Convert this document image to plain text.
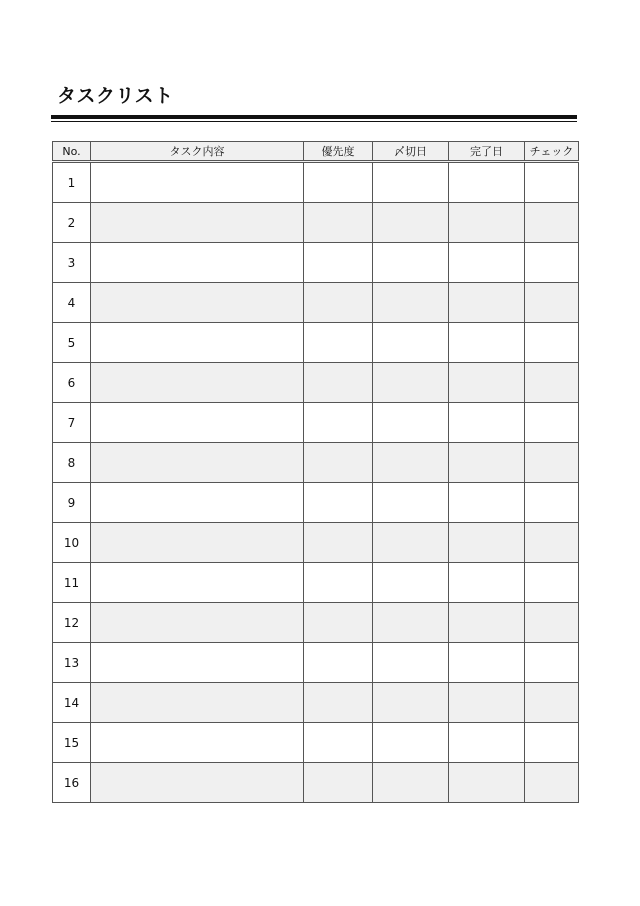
タスクリスト
No.	タスク内容	優先度	〆切日	完了日	チェック
1					
2					
3					
4					
5					
6					
7					
8					
9					
10					
11					
12					
13					
14					
15					
16					
